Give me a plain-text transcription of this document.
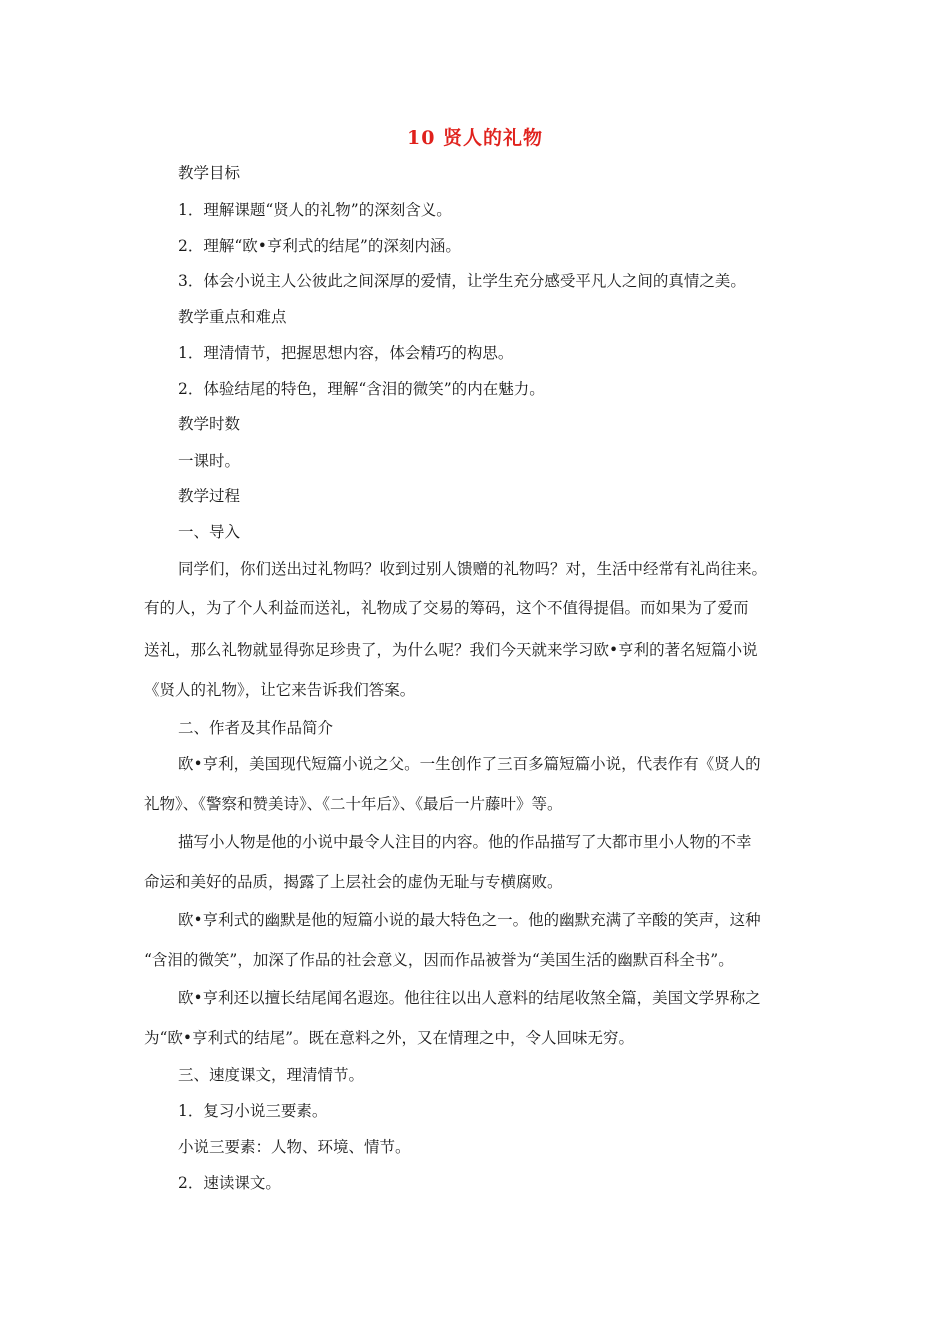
10 贤人的礼物
教学目标
1．理解课题“贤人的礼物”的深刻含义。
2．理解“欧•亨利式的结尾”的深刻内涵。
3．体会小说主人公彼此之间深厚的爱情，让学生充分感受平凡人之间的真情之美。
教学重点和难点
1．理清情节，把握思想内容，体会精巧的构思。
2．体验结尾的特色，理解“含泪的微笑”的内在魅力。
教学时数
一课时。
教学过程
一、导入
同学们，你们送出过礼物吗？收到过别人馈赠的礼物吗？对，生活中经常有礼尚往来。
有的人，为了个人利益而送礼，礼物成了交易的筹码，这个不值得提倡。而如果为了爱而
送礼，那么礼物就显得弥足珍贵了，为什么呢？我们今天就来学习欧•亨利的著名短篇小说
《贤人的礼物》，让它来告诉我们答案。
二、作者及其作品简介
欧•亨利，美国现代短篇小说之父。一生创作了三百多篇短篇小说，代表作有《贤人的
礼物》、《警察和赞美诗》、《二十年后》、《最后一片藤叶》等。
描写小人物是他的小说中最令人注目的内容。他的作品描写了大都市里小人物的不幸
命运和美好的品质，揭露了上层社会的虚伪无耻与专横腐败。
欧•亨利式的幽默是他的短篇小说的最大特色之一。他的幽默充满了辛酸的笑声，这种
“含泪的微笑”，加深了作品的社会意义，因而作品被誉为“美国生活的幽默百科全书”。
欧•亨利还以擅长结尾闻名遐迩。他往往以出人意料的结尾收煞全篇，美国文学界称之
为“欧•亨利式的结尾”。既在意料之外，又在情理之中，令人回味无穷。
三、速度课文，理清情节。
1．复习小说三要素。
小说三要素：人物、环境、情节。
2．速读课文。
